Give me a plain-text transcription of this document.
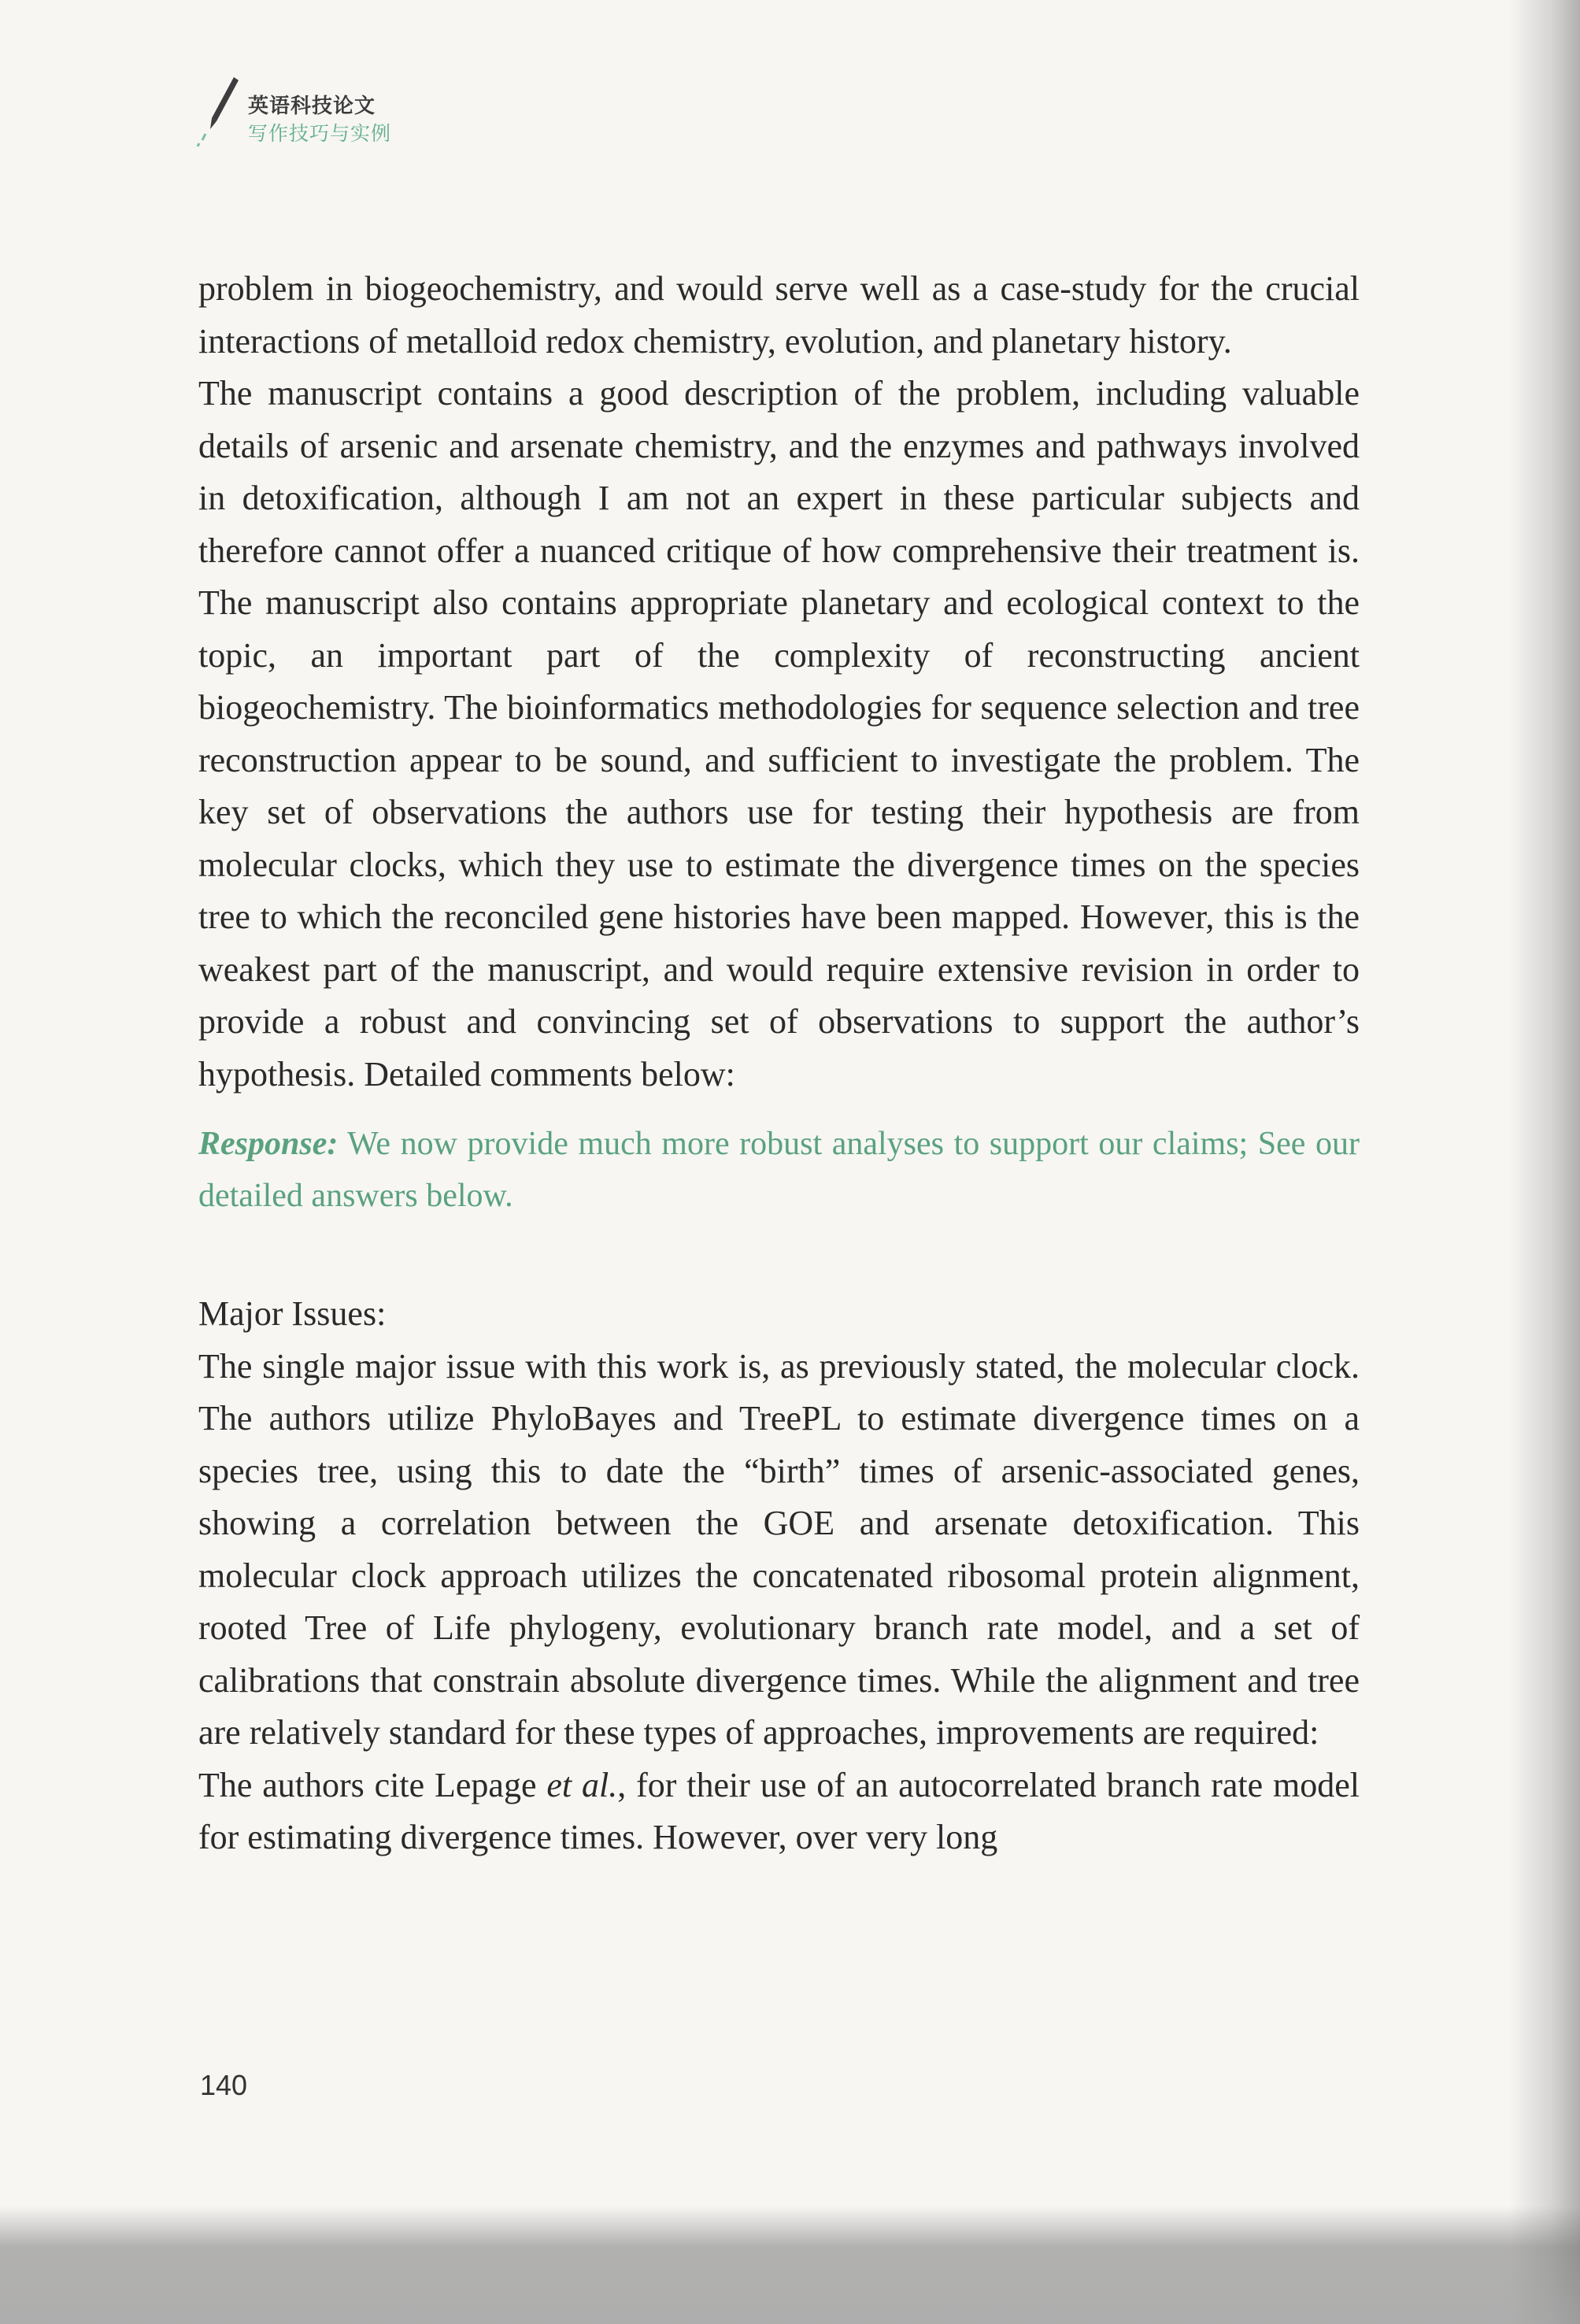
英语科技论文
写作技巧与实例

problem in biogeochemistry, and would serve well as a case-study for the crucial interactions of metalloid redox chemistry, evolution, and planetary history.

The manuscript contains a good description of the problem, including valuable details of arsenic and arsenate chemistry, and the enzymes and pathways involved in detoxification, although I am not an expert in these particular subjects and therefore cannot offer a nuanced critique of how comprehensive their treatment is. The manuscript also contains appropriate planetary and ecological context to the topic, an important part of the complexity of reconstructing ancient biogeochemistry. The bioinformatics methodologies for sequence selection and tree reconstruction appear to be sound, and sufficient to investigate the problem. The key set of observations the authors use for testing their hypothesis are from molecular clocks, which they use to estimate the divergence times on the species tree to which the reconciled gene histories have been mapped. However, this is the weakest part of the manuscript, and would require extensive revision in order to provide a robust and convincing set of observations to support the author’s hypothesis. Detailed comments below:

Response: We now provide much more robust analyses to support our claims; See our detailed answers below.

Major Issues:

The single major issue with this work is, as previously stated, the molecular clock. The authors utilize PhyloBayes and TreePL to estimate divergence times on a species tree, using this to date the “birth” times of arsenic-associated genes, showing a correlation between the GOE and arsenate detoxification. This molecular clock approach utilizes the concatenated ribosomal protein alignment, rooted Tree of Life phylogeny, evolutionary branch rate model, and a set of calibrations that constrain absolute divergence times. While the alignment and tree are relatively standard for these types of approaches, improvements are required:

The authors cite Lepage et al., for their use of an autocorrelated branch rate model for estimating divergence times. However, over very long

140
